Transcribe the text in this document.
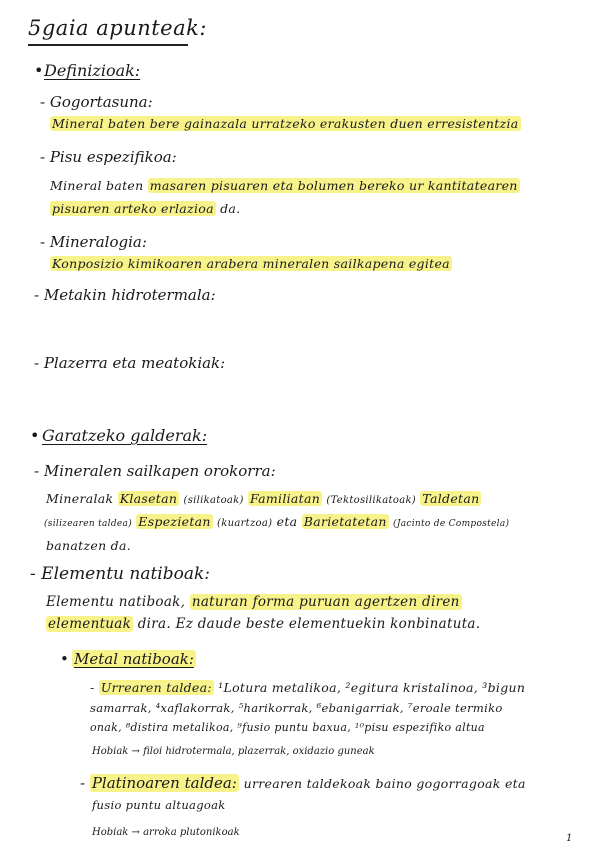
5gaia apunteak:
• Definizioak:
- Gogortasuna:
Mineral baten bere gainazala urratzeko erakusten duen erresistentzia
- Pisu espezifikoa:
Mineral baten masaren pisuaren eta bolumen bereko ur kantitatearen
pisuaren arteko erlazioa da.
- Mineralogia:
Konposizio kimikoaren arabera mineralen sailkapena egitea
- Metakin hidrotermala:
- Plazerra eta meatokiak:
• Garatzeko galderak:
- Mineralen sailkapen orokorra:
Mineralak Klasetan (silikatoak) Familiatan (Tektosilikatoak) Taldetan
(silizearen taldea) Espezietan (kuartzoa) eta Barietatetan (Jacinto de Compostela)
banatzen da.
- Elementu natiboak:
Elementu natiboak, naturan forma puruan agertzen diren
elementuak dira. Ez daude beste elementuekin konbinatuta.
• Metal natiboak:
- Urrearen taldea: ¹Lotura metalikoa, ²egitura kristalinoa, ³bigun
samarrak, ⁴xaflakorrak, ⁵harikorrak, ⁶ebanigarriak, ⁷eroale termiko
onak, ⁸distira metalikoa, ⁹fusio puntu baxua, ¹⁰pisu espezifiko altua
Hobiak → filoi hidrotermala, plazerrak, oxidazio guneak
- Platinoaren taldea: urrearen taldekoak baino gogorragoak eta
fusio puntu altuagoak
Hobiak → arroka plutonikoak
1
